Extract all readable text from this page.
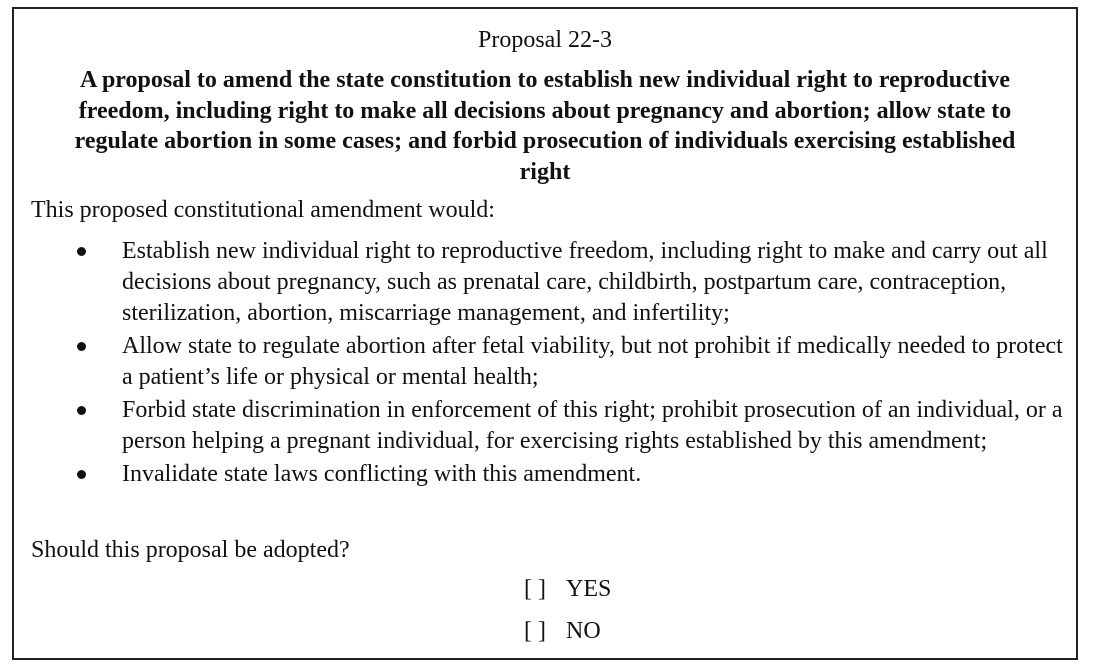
Proposal 22-3
A proposal to amend the state constitution to establish new individual right to reproductive freedom, including right to make all decisions about pregnancy and abortion; allow state to regulate abortion in some cases; and forbid prosecution of individuals exercising established right
This proposed constitutional amendment would:
Establish new individual right to reproductive freedom, including right to make and carry out all decisions about pregnancy, such as prenatal care, childbirth, postpartum care, contraception, sterilization, abortion, miscarriage management, and infertility;
Allow state to regulate abortion after fetal viability, but not prohibit if medically needed to protect a patient’s life or physical or mental health;
Forbid state discrimination in enforcement of this right; prohibit prosecution of an individual, or a person helping a pregnant individual, for exercising rights established by this amendment;
Invalidate state laws conflicting with this amendment.
Should this proposal be adopted?
[ ] YES
[ ] NO
